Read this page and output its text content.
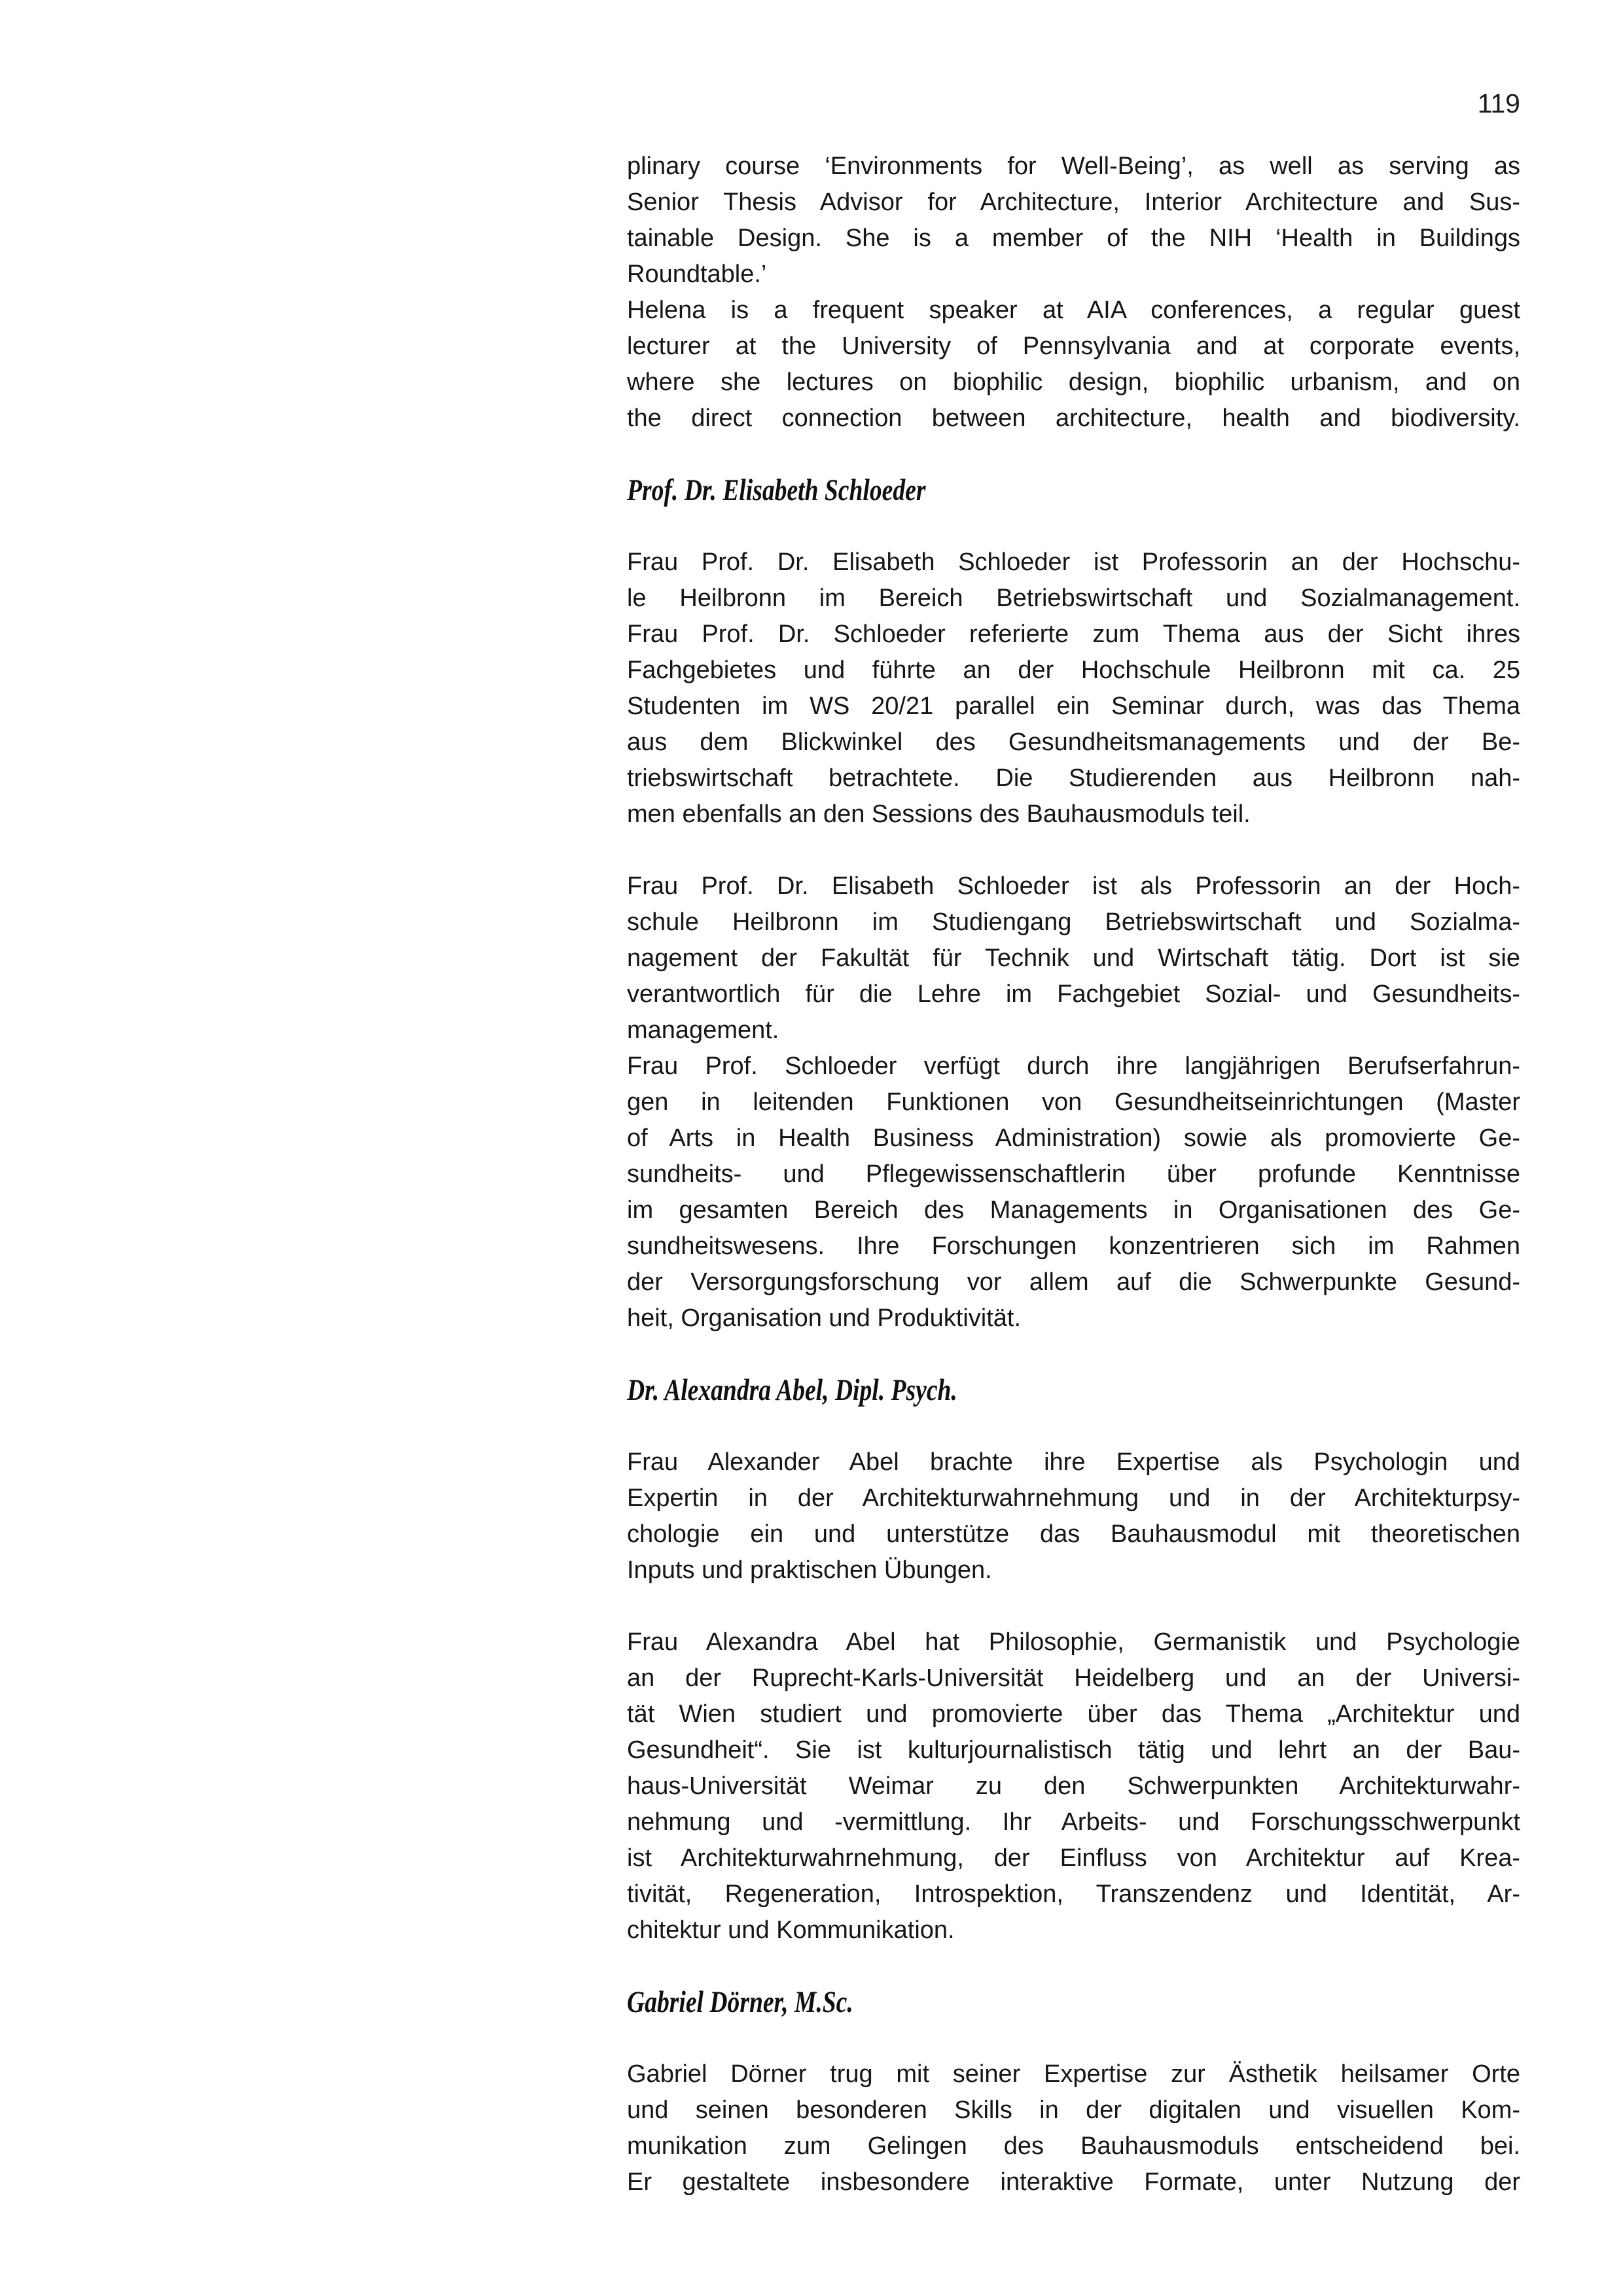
119
plinary course ‘Environments for Well-Being’, as well as serving as
Senior Thesis Advisor for Architecture, Interior Architecture and Sus-
tainable Design. She is a member of the NIH ‘Health in Buildings
Roundtable.’
Helena is a frequent speaker at AIA conferences, a regular guest
lecturer at the University of Pennsylvania and at corporate events,
where she lectures on biophilic design, biophilic urbanism, and on
the direct connection between architecture, health and biodiversity.
Prof. Dr. Elisabeth Schloeder
Frau Prof. Dr. Elisabeth Schloeder ist Professorin an der Hochschu-
le Heilbronn im Bereich Betriebswirtschaft und Sozialmanagement.
Frau Prof. Dr. Schloeder referierte zum Thema aus der Sicht ihres
Fachgebietes und führte an der Hochschule Heilbronn mit ca. 25
Studenten im WS 20/21 parallel ein Seminar durch, was das Thema
aus dem Blickwinkel des Gesundheitsmanagements und der Be-
triebswirtschaft betrachtete. Die Studierenden aus Heilbronn nah-
men ebenfalls an den Sessions des Bauhausmoduls teil.
Frau Prof. Dr. Elisabeth Schloeder ist als Professorin an der Hoch-
schule Heilbronn im Studiengang Betriebswirtschaft und Sozialma-
nagement der Fakultät für Technik und Wirtschaft tätig. Dort ist sie
verantwortlich für die Lehre im Fachgebiet Sozial- und Gesundheits-
management.
Frau Prof. Schloeder verfügt durch ihre langjährigen Berufserfahrun-
gen in leitenden Funktionen von Gesundheitseinrichtungen (Master
of Arts in Health Business Administration) sowie als promovierte Ge-
sundheits- und Pflegewissenschaftlerin über profunde Kenntnisse
im gesamten Bereich des Managements in Organisationen des Ge-
sundheitswesens. Ihre Forschungen konzentrieren sich im Rahmen
der Versorgungsforschung vor allem auf die Schwerpunkte Gesund-
heit, Organisation und Produktivität.
Dr. Alexandra Abel, Dipl. Psych.
Frau Alexander Abel brachte ihre Expertise als Psychologin und
Expertin in der Architekturwahrnehmung und in der Architekturpsy-
chologie ein und unterstütze das Bauhausmodul mit theoretischen
Inputs und praktischen Übungen.
Frau Alexandra Abel hat Philosophie, Germanistik und Psychologie
an der Ruprecht-Karls-Universität Heidelberg und an der Universi-
tät Wien studiert und promovierte über das Thema „Architektur und
Gesundheit“. Sie ist kulturjournalistisch tätig und lehrt an der Bau-
haus-Universität Weimar zu den Schwerpunkten Architekturwahr-
nehmung und -vermittlung. Ihr Arbeits- und Forschungsschwerpunkt
ist Architekturwahrnehmung, der Einfluss von Architektur auf Krea-
tivität, Regeneration, Introspektion, Transzendenz und Identität, Ar-
chitektur und Kommunikation.
Gabriel Dörner, M.Sc.
Gabriel Dörner trug mit seiner Expertise zur Ästhetik heilsamer Orte
und seinen besonderen Skills in der digitalen und visuellen Kom-
munikation zum Gelingen des Bauhausmoduls entscheidend bei.
Er gestaltete insbesondere interaktive Formate, unter Nutzung der
